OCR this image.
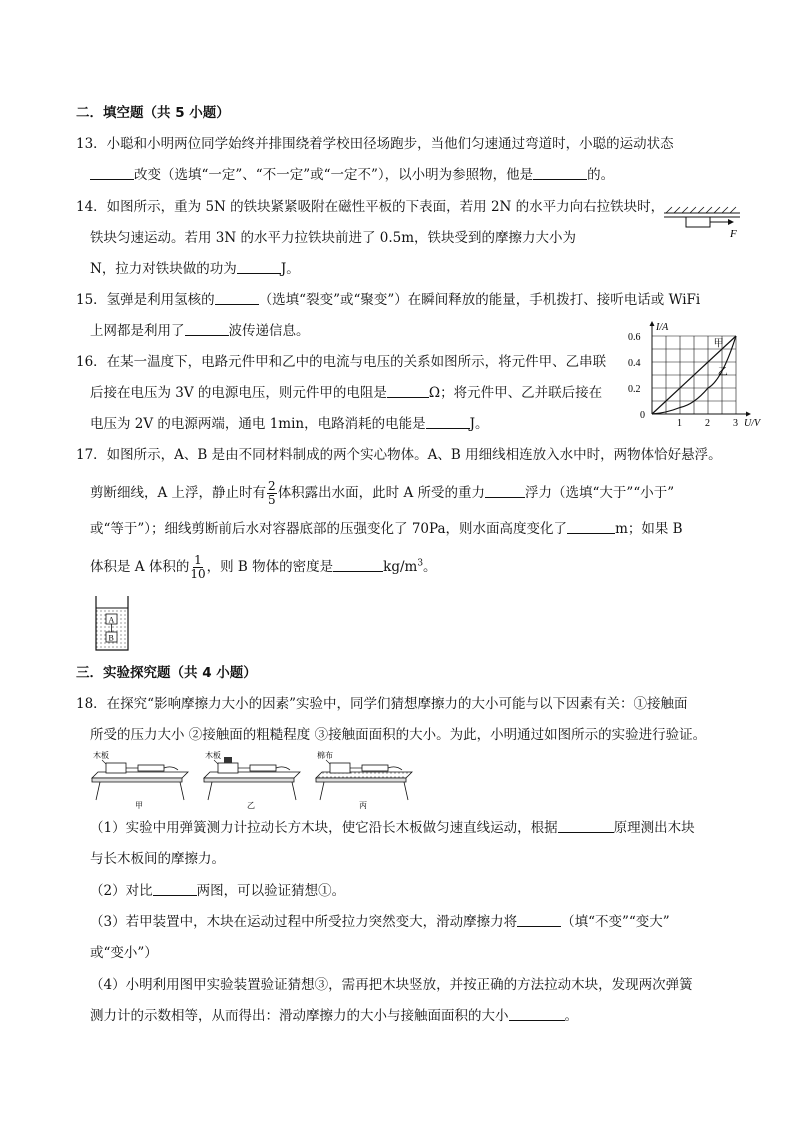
二．填空题（共 5 小题）
13．小聪和小明两位同学始终并排围绕着学校田径场跑步，当他们匀速通过弯道时，小聪的运动状态
改变（选填“一定”、“不一定”或“一定不”），以小明为参照物，他是	的。
14．如图所示，重为 5N 的铁块紧紧吸附在磁性平板的下表面，若用 2N 的水平力向右拉铁块时，
铁块匀速运动。若用 3N 的水平力拉铁块前进了 0.5m，铁块受到的摩擦力大小为
N，拉力对铁块做的功为	J。
F
15．氢弹是利用氢核的	（选填“裂变”或“聚变”）在瞬间释放的能量，手机拨打、接听电话或 WiFi
上网都是利用了	波传递信息。
16．在某一温度下，电路元件甲和乙中的电流与电压的关系如图所示，将元件甲、乙串联
后接在电压为 3V 的电源电压，则元件甲的电阻是	Ω；将元件甲、乙并联后接在
电压为 2V 的电源两端，通电 1min，电路消耗的电能是	J。	1 2 3
0.2
0.4
0.6
0
U/V
I/A
甲
乙
17．如图所示，A、B 是由不同材料制成的两个实心物体。A、B 用细线相连放入水中时，两物体恰好悬浮。
剪断细线，A 上浮，静止时有 $\frac{2}{5}$ 体积露出水面，此时 A 所受的重力	浮力（选填“大于”“小于”
或“等于”）；细线剪断前后水对容器底部的压强变化了 70Pa，则水面高度变化了	m；如果 B
体积是 A 体积的 $\frac{1}{10}$ ，则 B 物体的密度是	$kg/m^3$。
A
B
三．实验探究题（共 4 小题）
18．在探究“影响摩擦力大小的因素”实验中，同学们猜想摩擦力的大小可能与以下因素有关：①接触面
所受的压力大小 ②接触面的粗糙程度 ③接触面面积的大小。为此，小明通过如图所示的实验进行验证。
木板
甲
木板
乙
棉布
丙
（1）实验中用弹簧测力计拉动长方木块，使它沿长木板做匀速直线运动，根据	原理测出木块
与长木板间的摩擦力。
（2）对比	两图，可以验证猜想①。
（3）若甲装置中，木块在运动过程中所受拉力突然变大，滑动摩擦力将	（填“不变”“变大”
或“变小”）
（4）小明利用图甲实验装置验证猜想③，需再把木块竖放，并按正确的方法拉动木块，发现两次弹簧
测力计的示数相等，从而得出：滑动摩擦力的大小与接触面面积的大小	。
